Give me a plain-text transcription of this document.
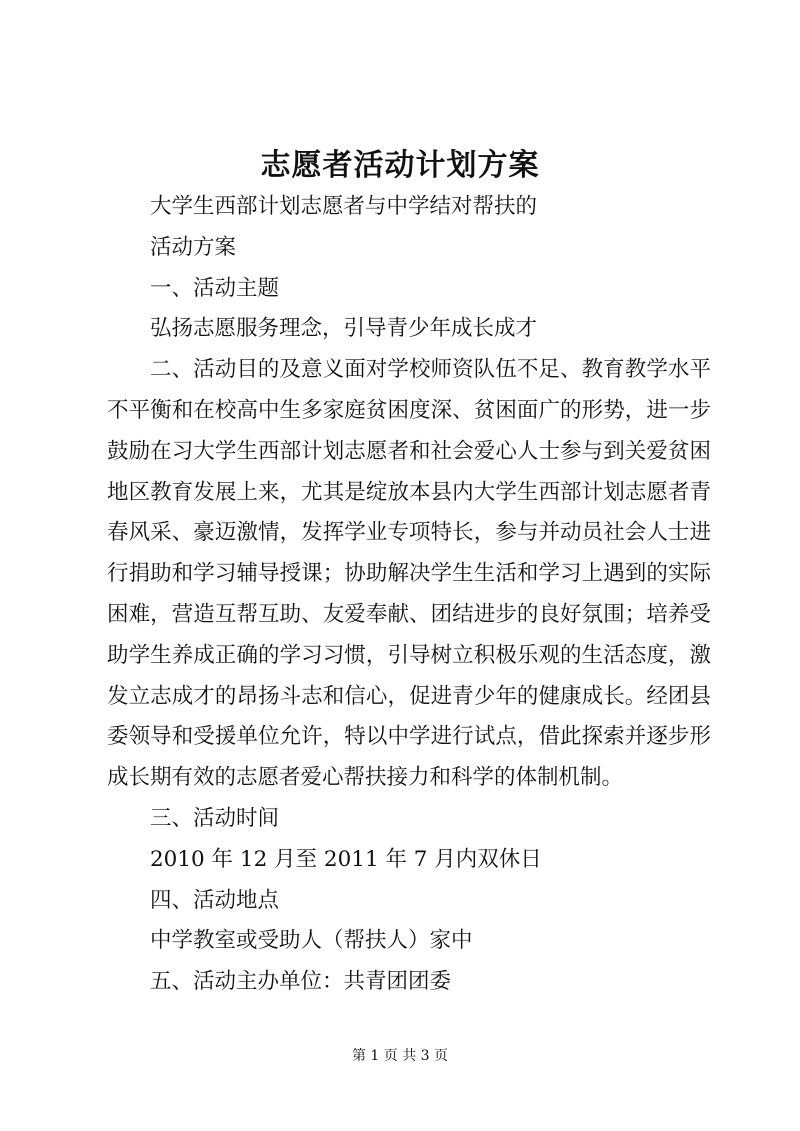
志愿者活动计划方案

大学生西部计划志愿者与中学结对帮扶的

活动方案

一、活动主题

弘扬志愿服务理念，引导青少年成长成才

二、活动目的及意义面对学校师资队伍不足、教育教学水平不平衡和在校高中生多家庭贫困度深、贫困面广的形势，进一步鼓励在习大学生西部计划志愿者和社会爱心人士参与到关爱贫困地区教育发展上来，尤其是绽放本县内大学生西部计划志愿者青春风采、豪迈激情，发挥学业专项特长，参与并动员社会人士进行捐助和学习辅导授课；协助解决学生生活和学习上遇到的实际困难，营造互帮互助、友爱奉献、团结进步的良好氛围；培养受助学生养成正确的学习习惯，引导树立积极乐观的生活态度，激发立志成才的昂扬斗志和信心，促进青少年的健康成长。经团县委领导和受援单位允许，特以中学进行试点，借此探索并逐步形成长期有效的志愿者爱心帮扶接力和科学的体制机制。

三、活动时间

2010 年 12 月至 2011 年 7 月内双休日

四、活动地点

中学教室或受助人（帮扶人）家中

五、活动主办单位：共青团团委

第 1 页 共 3 页
